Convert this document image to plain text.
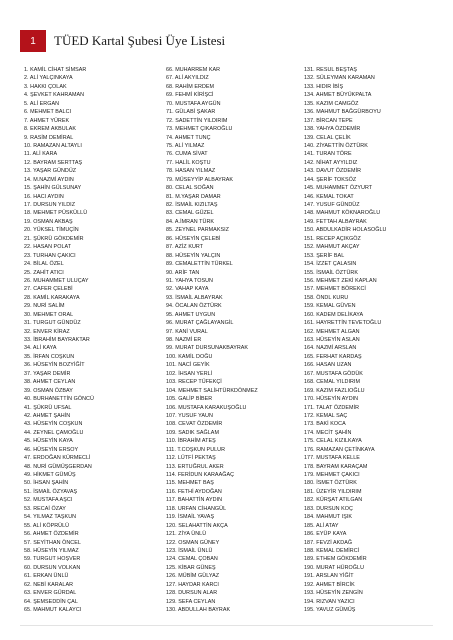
1	TÜED Kartal Şubesi Üye Listesi
1. KAMİL CİHAT SİMSAR
2. ALİ YALÇINKAYA
3. HAKKI ÇOLAK
4. ŞEVKET KAHRAMAN
5. ALİ ERGAN
6. MEHMET BALCI
7. AHMET YÜREK
8. EKREM AKBULAK
9. RASİM DEMİRAL
10. RAMAZAN ALTAYLI
11. ALİ KARA
12. BAYRAM SERTTAŞ
13. YAŞAR GÜNDÜZ
14. M.NAZMİ AYDIN
15. ŞAHİN GÜLSUNAY
16. HACI AYDIN
17. DURSUN YILDIZ
18. MEHMET PÜSKÜLLÜ
19. OSMAN AKBAŞ
20. YÜKSEL TİMUÇİN
21. ŞÜKRÜ GÖKDEMİR
22. HASAN POLAT
23. TURHAN ÇAKICI
24. BİLAL ÖZEL
25. ZAHİT ATICI
26. MUHAMMET ULUÇAY
27. CAFER ÇELEBİ
28. KAMİL KARAKAYA
29. NURİ SALİM
30. MEHMET ORAL
31. TURGUT GÜNDÜZ
32. ENVER KİRAZ
33. İBRAHİM BAYRAKTAR
34. ALİ KAYA
35. İRFAN COŞKUN
36. HÜSEYİN BOZYİĞİT
37. YAŞAR DEMİR
38. AHMET CEYLAN
39. OSMAN ÖZBAY
40. BURHANETTİN GÖNCÜ
41. ŞÜKRÜ UFSAL
42. AHMET ŞAHİN
43. HÜSEYİN COŞKUN
44. ZEYNEL ÇAMOĞLU
45. HÜSEYİN KAYA
46. HÜSEYİN ERSOY
47. ERDOĞAN KÜRMECLİ
48. NURİ GÜMÜŞGERDAN
49. HİKMET GÜMÜŞ
50. İHSAN ŞAHİN
51. İSMAİL ÖZYAVAŞ
52. MUSTAFA AŞCI
53. RECAİ ÖZAY
54. YILMAZ TAŞKUN
55. ALİ KÖPRÜLÜ
56. AHMET ÖZDEMİR
57. SEYİTHAN ÖNCEL
58. HÜSEYİN YILMAZ
59. TURGUT HOŞVER
60. DURSUN VOLKAN
61. ERKAN ÜNLÜ
62. NEBİ KARALAR
63. ENVER GÜRDAL
64. ŞEMSEDDİN ÇAL
65. MAHMUT KALAYCI
66. MUHARREM KAR
67. ALİ AKYILDIZ
68. RAHİM ERDEM
69. FEHMİ KİRİŞCİ
70. MUSTAFA AYGÜN
71. GÜLABİ ŞAKAR
72. SADETTİN YILDIRIM
73. MEHMET ÇIKAROĞLU
74. AHMET TUNÇ
75. ALİ YILMAZ
76. CUMA SİVAT
77. HALİL KOŞTU
78. HASAN YILMAZ
79. MÜSEYYİP ALBAYRAK
80. CELAL SOĞAN
81. M.YAŞAR DAMAR
82. İSMAİL KIZILTAŞ
83. CEMAL GÜZEL
84. A.İMRAN TÜRK
85. ZEYNEL PARMAKSIZ
86. HÜSEYİN ÇELEBİ
87. AZİZ KURT
88. HÜSEYİN YALÇIN
89. CEMALETTİN TÜRKEL
90. ARİF TAN
91. YAHYA TOSUN
92. VAHAP KAYA
93. İSMAİL ALBAYRAK
94. ÖCALAN ÖZTÜRK
95. AHMET UYGUN
96. MURAT ÇAĞLAYANGİL
97. KANİ VURAL
98. NAZMİ ER
99. MURAT DURSUNAKBAYRAK
100. KAMİL DOĞU
101. NACİ GEYİK
102. İHSAN YERLİ
103. RECEP TÜFEKÇİ
104. MEHMET SALİHTÜRKDÖNMEZ
105. GALİP BİBER
106. MUSTAFA KARAKUŞOĞLU
107. YUSUF YAUN
108. CEVAT ÖZDEMİR
109. SADIK SAĞLAM
110. İBRAHİM ATEŞ
111. T.COŞKUN PULUR
112. LÜTFİ PEKTAŞ
113. ERTUĞRUL AKER
114. FERİDUN KARAAĞAÇ
115. MEHMET BAŞ
116. FETHİ AYDOĞAN
117. BAHATTİN AYDIN
118. URFAN CİHANGÜL
119. İSMAİL YAVAŞ
120. SELAHATTİN AKÇA
121. ZİYA ÜNLÜ
122. OSMAN GÜNEY
123. İSMAİL ÜNLÜ
124. CEMAL ÇOBAN
125. KİBAR GÜNEŞ
126. MÜBİM GÜLYAZ
127. HAYDAR KARCI
128. DURSUN ALAR
129. SEFA CEYLAN
130. ABDULLAH BAYRAK
131. RESUL BEŞTAŞ
132. SÜLEYMAN KARAMAN
133. HIDIR İBİŞ
134. AHMET BÜYÜKPALTA
135. KAZIM CAMGÖZ
136. MAHMUT BAĞGÜRBOYU
137. BİRCAN TEPE
138. YAHYA ÖZDEMİR
139. CELAL ÇELİK
140. ZİYAETTİN ÖZTÜRK
141. TURAN TÖRE
142. NİHAT AYYILDIZ
143. DAVUT ÖZDEMİR
144. ŞERİF TOKSÖZ
145. MUHAMMET ÖZYURT
146. KEMAL TOKAT
147. YUSUF GÜNDÜZ
148. MAHMUT KÖKNAROĞLU
149. FETTAH ALBAYRAK
150. ABDULKADİR HOLASOĞLU
151. RECEP AÇIKGÖZ
152. MAHMUT AKÇAY
153. ŞERİF BAL
154. İZZET ÇALASIN
155. İSMAİL ÖZTÜRK
156. MEHMET ZEKİ KAPLAN
157. MEHMET BÖREKCİ
158. ÖNDL KURU
159. KEMAL GÜVEN
160. KADEM DELİKAYA
161. HAYRETTİN TEVETOĞLU
162. MEHMET ALGAN
163. HÜSEYİN ASLAN
164. NAZMİ ARSLAN
165. FERHAT KARDAŞ
166. HASAN UZAN
167. MUSTAFA GÖDÜK
168. CEMAL YILDIRIM
169. KAZIM FAZLIOĞLU
170. HÜSEYİN AYDIN
171. TALAT ÖZDEMİR
172. KEMAL SAÇ
173. BAKİ KOCA
174. MECİT ŞAHİN
175. CELAL KIZILKAYA
176. RAMAZAN ÇETİNKAYA
177. MUSTAFA KELLE
178. BAYRAM KARAÇAM
179. MEHMET ÇAKICI
180. İSMET ÖZTÜRK
181. ÜZEYİR YILDIRIM
182. KÜRŞAT ATILGAN
183. DURSUN KOÇ
184. MAHMUT IŞIK
185. ALİ ATAY
186. EYÜP KAYA
187. FEVZİ AKDAĞ
188. KEMAL DEMİRCİ
189. ETHEM GÖKDEMİR
190. MURAT HÜROĞLU
191. ARSLAN YİĞİT
192. AHMET BİRCİK
193. HÜSEYİN ZENGİN
194. RIZVAN YAZICI
195. YAVUZ GÜMÜŞ
